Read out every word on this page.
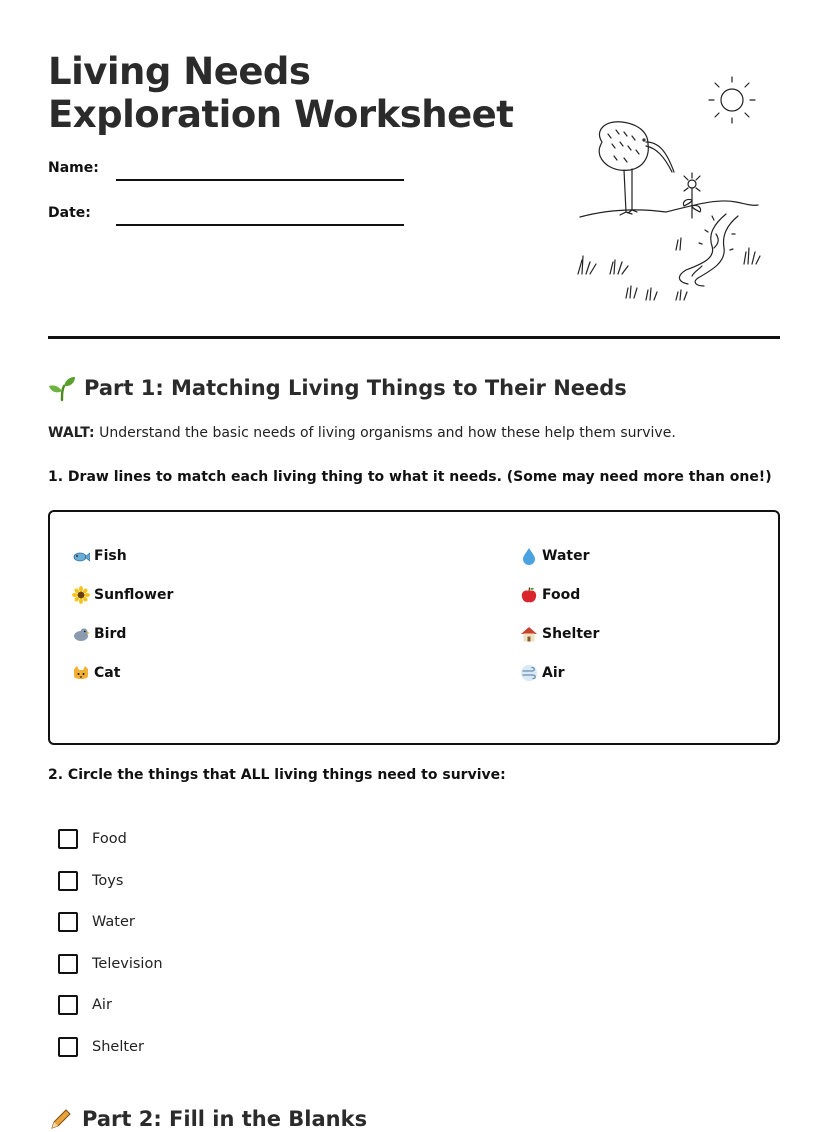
Living Needs
Exploration Worksheet
Name:
Date:
Part 1: Matching Living Things to Their Needs
WALT: Understand the basic needs of living organisms and how these help them survive.
1. Draw lines to match each living thing to what it needs. (Some may need more than one!)
Fish
Sunflower
Bird
Cat
Water
Food
Shelter
Air
2. Circle the things that ALL living things need to survive:
Food
Toys
Water
Television
Air
Shelter
Part 2: Fill in the Blanks
